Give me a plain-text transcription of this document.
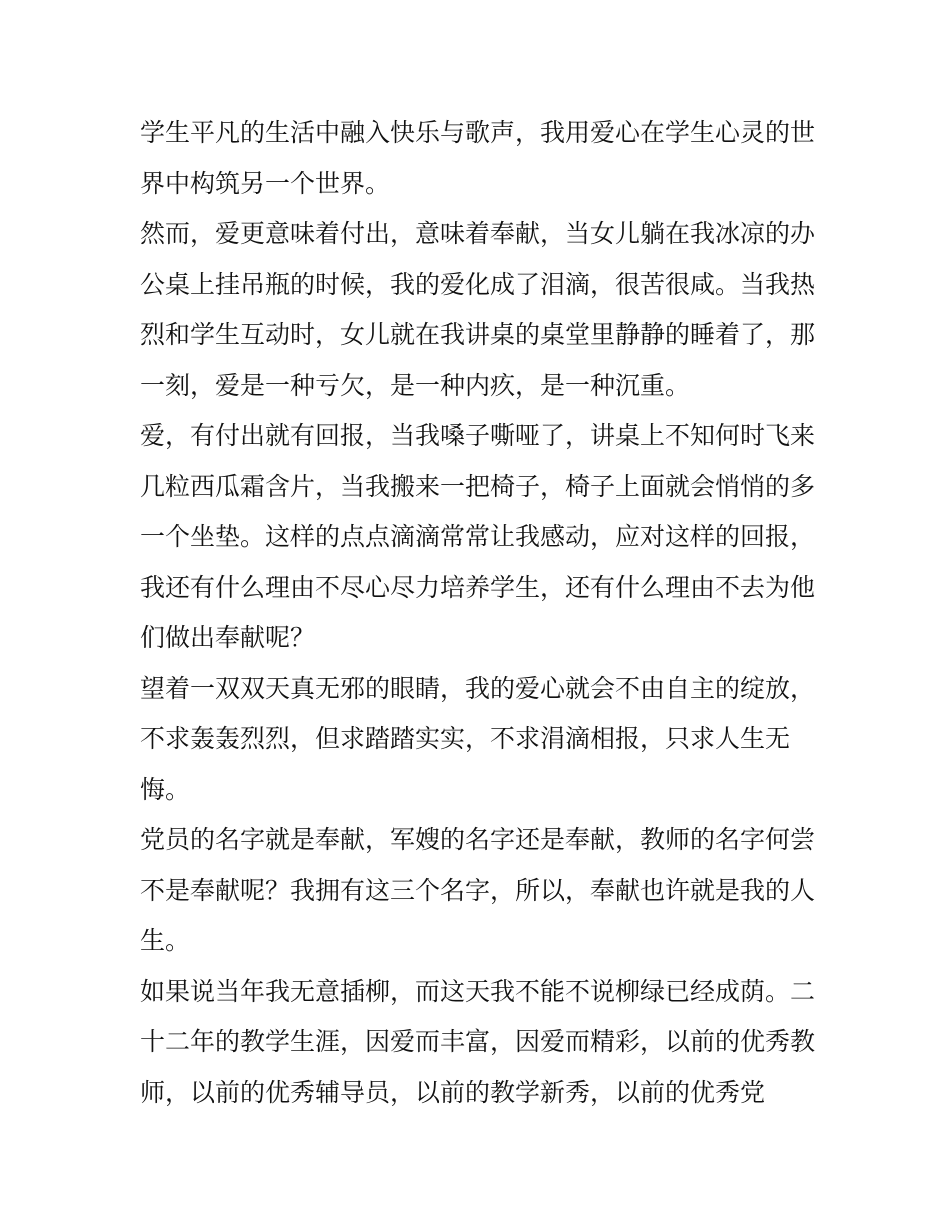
学生平凡的生活中融入快乐与歌声，我用爱心在学生心灵的世
界中构筑另一个世界。
然而，爱更意味着付出，意味着奉献，当女儿躺在我冰凉的办
公桌上挂吊瓶的时候，我的爱化成了泪滴，很苦很咸。当我热
烈和学生互动时，女儿就在我讲桌的桌堂里静静的睡着了，那
一刻，爱是一种亏欠，是一种内疚，是一种沉重。
爱，有付出就有回报，当我嗓子嘶哑了，讲桌上不知何时飞来
几粒西瓜霜含片，当我搬来一把椅子，椅子上面就会悄悄的多
一个坐垫。这样的点点滴滴常常让我感动，应对这样的回报，
我还有什么理由不尽心尽力培养学生，还有什么理由不去为他
们做出奉献呢？
望着一双双天真无邪的眼睛，我的爱心就会不由自主的绽放，
不求轰轰烈烈，但求踏踏实实，不求涓滴相报，只求人生无
悔。
党员的名字就是奉献，军嫂的名字还是奉献，教师的名字何尝
不是奉献呢？我拥有这三个名字，所以，奉献也许就是我的人
生。
如果说当年我无意插柳，而这天我不能不说柳绿已经成荫。二
十二年的教学生涯，因爱而丰富，因爱而精彩，以前的优秀教
师，以前的优秀辅导员，以前的教学新秀，以前的优秀党
